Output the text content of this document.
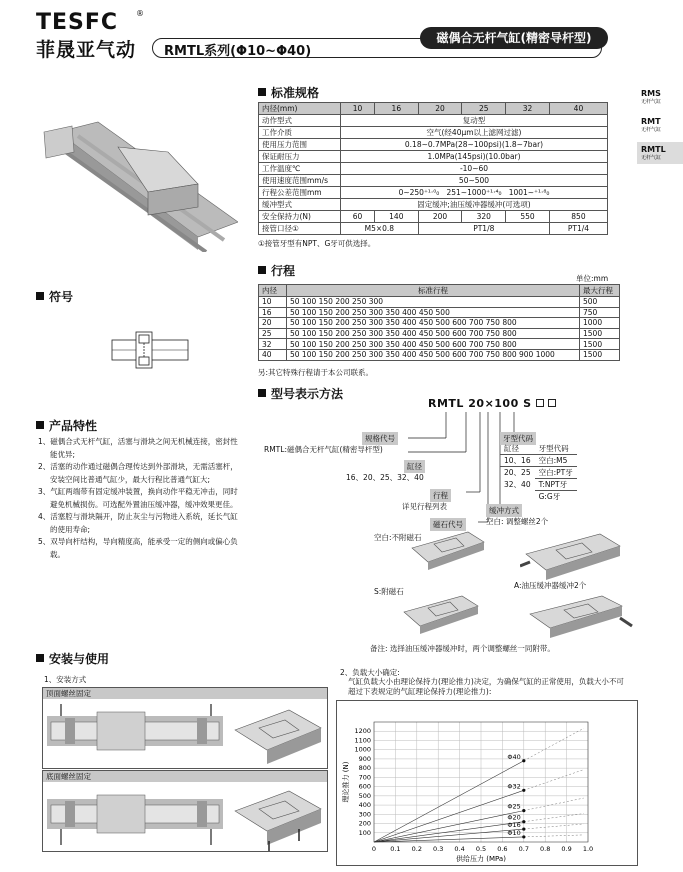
TESFC ®
菲晟亚气动 RMTL系列(Φ10~Φ40)
磁偶合无杆气缸(精密导杆型)
RMS
无杆气缸
RMT
无杆气缸
RMTL
无杆气缸
标准规格
内径(mm)	10	16	20	25	32	40
动作型式	复动型					
工作介质	空气(经40μm以上滤网过滤)					
使用压力范围	0.18~0.7MPa(28~100psi)(1.8~7bar)					
保证耐压力	1.0MPa(145psi)(10.0bar)					
工作温度℃	-10~60					
使用速度范围mm/s	50~500					
行程公差范围mm	0~250⁺¹·⁰₀ 251~1000⁺¹·⁴₀ 1001~⁺¹·⁸₀					
缓冲型式	固定缓冲;油压缓冲器缓冲(可选项)					
安全保持力(N)	60	140	200	320	550	850
接管口径①	M5×0.8		PT1/8			PT1/4
①接管牙型有NPT、G牙可供选择。
行程
单位:mm
内径	标准行程	最大行程
10	50 100 150 200 250 300	500
16	50 100 150 200 250 300 350 400 450 500	750
20	50 100 150 200 250 300 350 400 450 500 600 700 750 800	1000
25	50 100 150 200 250 300 350 400 450 500 600 700 750 800	1500
32	50 100 150 200 250 300 350 400 450 500 600 700 750 800	1500
40	50 100 150 200 250 300 350 400 450 500 600 700 750 800 900 1000	1500
另:其它特殊行程请于本公司联系。
符号
产品特性
1、磁偶合式无杆气缸，活塞与滑块之间无机械连接，密封性能优异;
2、活塞的动作通过磁偶合理传达到外部滑块，无需活塞杆，安装空间比普通气缸少，最大行程比普通气缸大;
3、气缸两端带有固定缓冲装置，换向动作平稳无冲击，同时避免机械损伤。可选配外置油压缓冲器，缓冲效果更佳。
4、活塞腔与滑块隔开，防止灰尘与污物进入系统，延长气缸的使用寿命;
5、双导向杆结构，导向精度高，能承受一定的侧向或偏心负载。
型号表示方法
RMTL 20×100 S
规格代号
RMTL:磁偶合无杆气缸(精密导杆型)
缸径
16、20、25、32、40
行程
详见行程列表
磁石代号
空白:不附磁石
S:附磁石
缓冲方式
空白: 调整螺丝2个
A:油压缓冲器缓冲2个
牙型代码
缸径	牙型代码
10、16	空白:M5
20、25	空白:PT牙
32、40	T:NPT牙
	G:G牙
备注: 选择油压缓冲器缓冲时，两个调整螺丝一同附带。
安装与使用
1、安装方式
顶面螺丝固定
底面螺丝固定
2、负载大小确定:
气缸负载大小由理论保持力(理论推力)决定，为确保气缸的正常使用，负载大小不可超过下表规定的气缸理论保持力(理论推力):
0 0.1 0.2 0.3 0.4 0.5 0.6 0.7 0.8 0.9 1.0
100
200
300
400
500
600
700
800
900
1000
1100
1200
Φ40
Φ32
Φ25
Φ20
Φ16
Φ10
供给压力 (MPa)
理论推力 (N)
